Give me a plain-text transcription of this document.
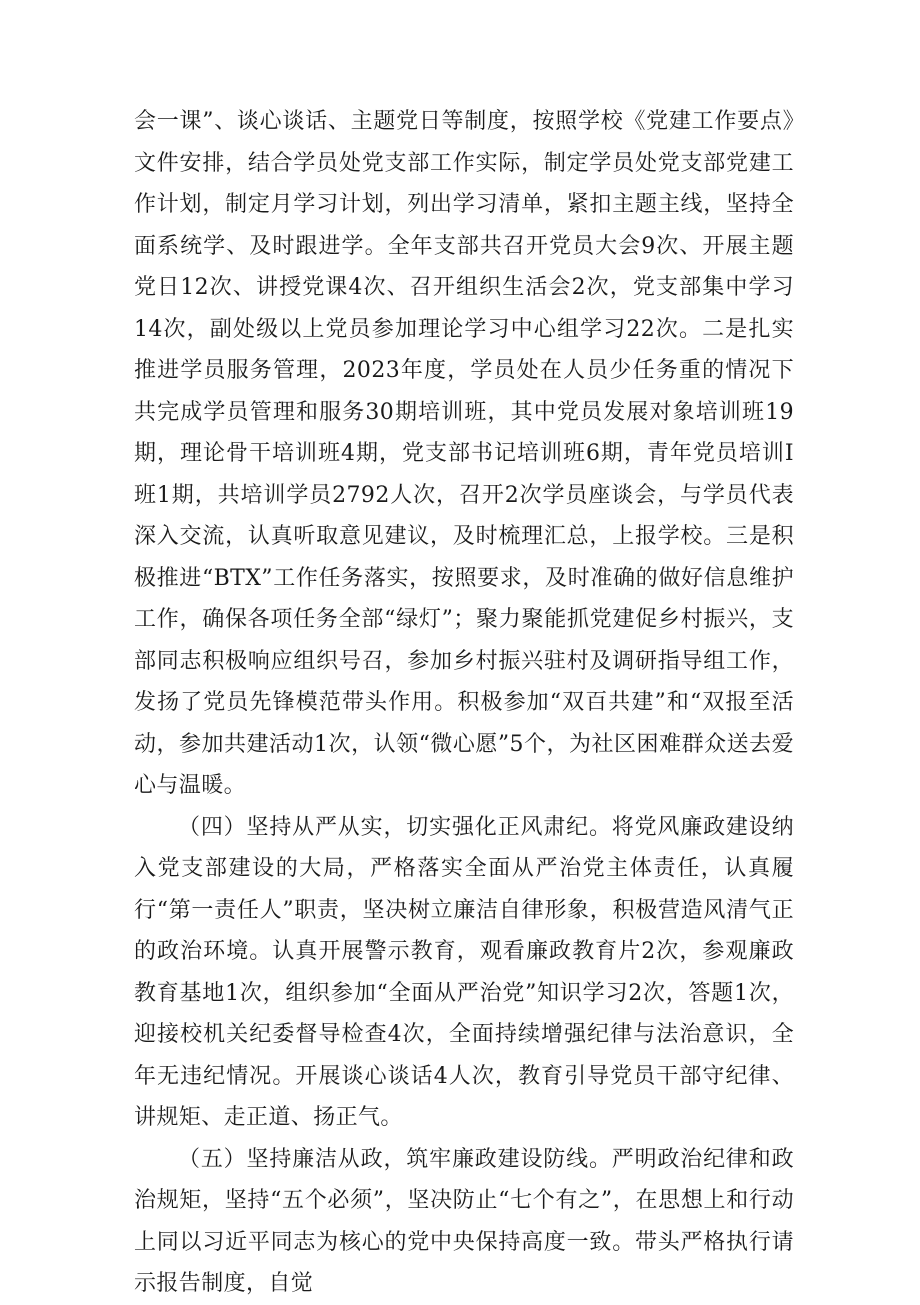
会一课”、谈心谈话、主题党日等制度，按照学校《党建工作要点》文件安排，结合学员处党支部工作实际，制定学员处党支部党建工作计划，制定月学习计划，列出学习清单，紧扣主题主线，坚持全面系统学、及时跟进学。全年支部共召开党员大会9次、开展主题党日12次、讲授党课4次、召开组织生活会2次，党支部集中学习14次，副处级以上党员参加理论学习中心组学习22次。二是扎实推进学员服务管理，2023年度，学员处在人员少任务重的情况下共完成学员管理和服务30期培训班，其中党员发展对象培训班19期，理论骨干培训班4期，党支部书记培训班6期，青年党员培训I班1期，共培训学员2792人次，召开2次学员座谈会，与学员代表深入交流，认真听取意见建议，及时梳理汇总，上报学校。三是积极推进“BTX”工作任务落实，按照要求，及时准确的做好信息维护工作，确保各项任务全部“绿灯”；聚力聚能抓党建促乡村振兴，支部同志积极响应组织号召，参加乡村振兴驻村及调研指导组工作，发扬了党员先锋模范带头作用。积极参加“双百共建”和“双报至活动，参加共建活动1次，认领“微心愿”5个，为社区困难群众送去爱心与温暖。

（四）坚持从严从实，切实强化正风肃纪。将党风廉政建设纳入党支部建设的大局，严格落实全面从严治党主体责任，认真履行“第一责任人”职责，坚决树立廉洁自律形象，积极营造风清气正的政治环境。认真开展警示教育，观看廉政教育片2次，参观廉政教育基地1次，组织参加“全面从严治党”知识学习2次，答题1次，迎接校机关纪委督导检查4次，全面持续增强纪律与法治意识，全年无违纪情况。开展谈心谈话4人次，教育引导党员干部守纪律、讲规矩、走正道、扬正气。

（五）坚持廉洁从政，筑牢廉政建设防线。严明政治纪律和政治规矩，坚持“五个必须”，坚决防止“七个有之”，在思想上和行动上同以习近平同志为核心的党中央保持高度一致。带头严格执行请示报告制度，自觉
